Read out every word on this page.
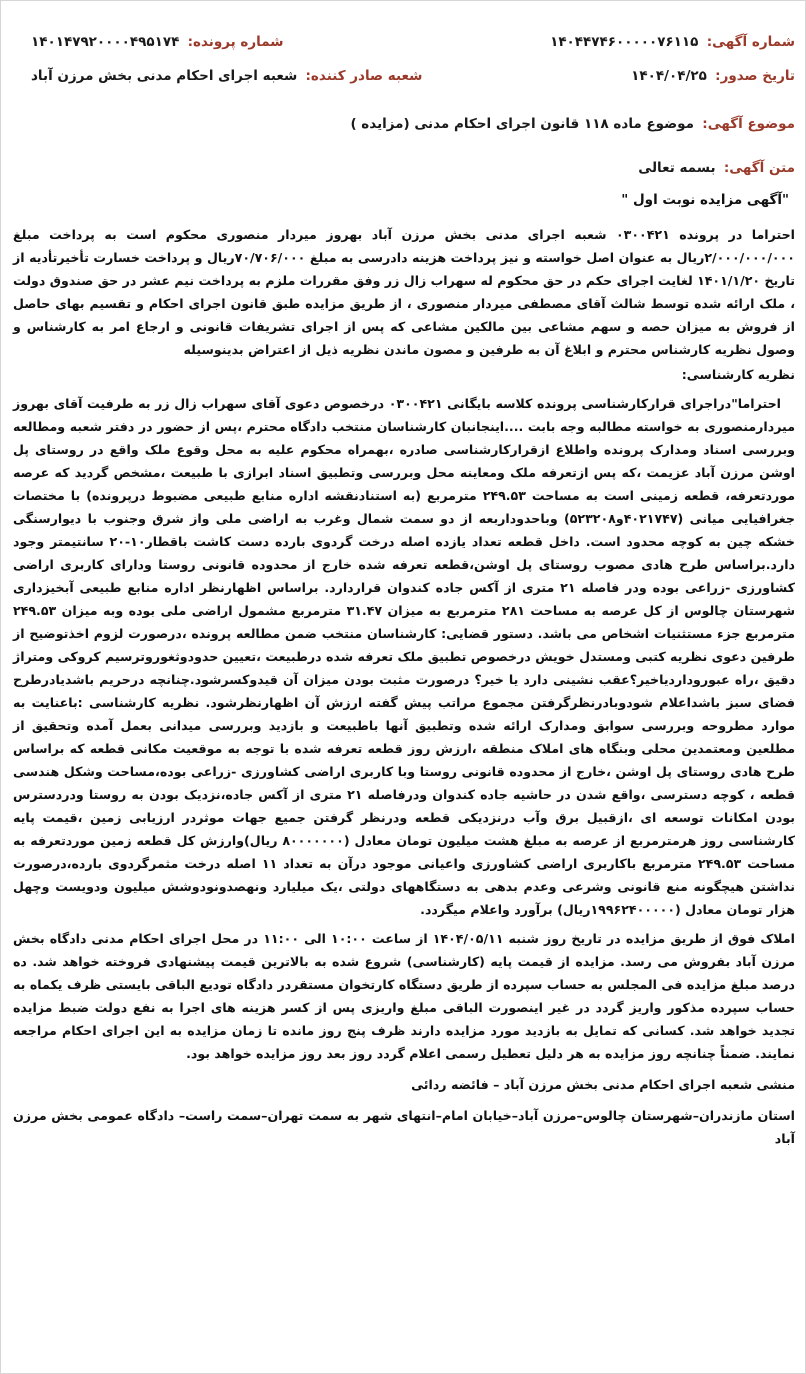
شماره آگهی: ۱۴۰۴۴۷۴۶۰۰۰۰۰۷۶۱۱۵
شماره پرونده: ۱۴۰۱۴۷۹۲۰۰۰۰۴۹۵۱۷۴
تاریخ صدور: ۱۴۰۴/۰۴/۲۵
شعبه صادر کننده: شعبه اجرای احکام مدنی بخش مرزن آباد
موضوع آگهی: موضوع ماده ۱۱۸ قانون اجرای احکام مدنی (مزایده )
متن آگهی: بسمه تعالی
"آگهی مزایده نوبت اول "

احتراما در پرونده ۰۳۰۰۴۲۱ شعبه اجرای مدنی بخش مرزن آباد بهروز میردار منصوری محکوم است به پرداخت مبلغ ۲/۰۰۰/۰۰۰/۰۰۰ریال به عنوان اصل خواسته و نیز پرداخت هزینه دادرسی به مبلغ ۷۰/۷۰۶/۰۰۰ریال و پرداخت خسارت تأخیرتأدیه از تاریخ ۱۴۰۱/۱/۲۰ لغایت اجرای حکم در حق محکوم له سهراب زال زر وفق مقررات ملزم به پرداخت نیم عشر در حق صندوق دولت ، ملک ارائه شده توسط شالث آقای مصطفی میردار منصوری ، از طریق مزایده طبق قانون اجرای احکام و تقسیم بهای حاصل از فروش به میزان حصه و سهم مشاعی بین مالکین مشاعی که پس از اجرای تشریفات قانونی و ارجاع امر به کارشناس و وصول نظریه کارشناس محترم و ابلاغ آن به طرفین و مصون ماندن نظریه ذیل از اعتراض بدینوسیله

نظریه کارشناسی:

احتراما"دراجرای قرارکارشناسی پرونده کلاسه بایگانی ۰۳۰۰۴۲۱ درخصوص دعوی آقای سهراب زال زر به طرفیت آقای بهروز میردارمنصوری به خواسته مطالبه وجه بابت ....اینجانبان کارشناسان منتخب دادگاه محترم ،پس از حضور در دفتر شعبه ومطالعه وبررسی اسناد ومدارک پرونده واطلاع ازقرارکارشناسی صادره ،بهمراه محکوم علیه به محل وقوع ملک واقع در روستای پل اوشن مرزن آباد عزیمت ،که پس ازتعرفه ملک ومعاینه محل وبررسی وتطبیق اسناد ابرازی با طبیعت ،مشخص گردید که عرصه موردتعرفه، قطعه زمینی است به مساحت ۲۴۹.۵۳ مترمربع (به استنادنقشه اداره منابع طبیعی مضبوط درپرونده) با مختصات جغرافیایی میانی (۴۰۲۱۷۴۷و۵۲۳۲۰۸) وباحدوداربعه از دو سمت شمال وغرب به اراضی ملی واز شرق وجنوب با دیوارسنگی خشکه چین به کوچه محدود است. داخل قطعه تعداد یازده اصله درخت گردوی بارده دست کاشت باقطار۱۰-۲۰ سانتیمتر وجود دارد.براساس طرح هادی مصوب روستای پل اوشن،قطعه تعرفه شده خارج از محدوده قانونی روستا ودارای کاربری اراضی کشاورزی -زراعی بوده ودر فاصله ۲۱ متری از آکس جاده کندوان قراردارد. براساس اظهارنظر اداره منابع طبیعی آبخیزداری شهرستان چالوس از کل عرصه به مساحت ۲۸۱ مترمربع به میزان ۳۱.۴۷ مترمربع مشمول اراضی ملی بوده وبه میزان ۲۴۹.۵۳ مترمربع جزء مستثنیات اشخاص می باشد. دستور قضایی: کارشناسان منتخب ضمن مطالعه پرونده ،درصورت لزوم اخذتوضیح از طرفین دعوی نظریه کتبی ومستدل خویش درخصوص تطبیق ملک تعرفه شده درطبیعت ،تعیین حدودوثغوروترسیم کروکی ومتراژ دقیق ،راه عبوروداردیاخیر؟عقب نشینی دارد یا خیر؟ درصورت مثبت بودن میزان آن قیدوکسرشود.چنانچه درحریم باشدیادرطرح فضای سبز باشداعلام شودوبادرنظرگرفتن مجموع مراتب پیش گفته ارزش آن اظهارنظرشود. نظریه کارشناسی :باعنایت به موارد مطروحه وبررسی سوابق ومدارک ارائه شده وتطبیق آنها باطبیعت و بازدید وبررسی میدانی بعمل آمده وتحقیق از مطلعین ومعتمدین محلی وبنگاه های املاک منطقه ،ارزش روز قطعه تعرفه شده با توجه به موقعیت مکانی قطعه که براساس طرح هادی روستای پل اوشن ،خارج از محدوده قانونی روستا وبا کاربری اراضی کشاورزی -زراعی بوده،مساحت وشکل هندسی قطعه ، کوچه دسترسی ،واقع شدن در حاشیه جاده کندوان ودرفاصله ۲۱ متری از آکس جاده،نزدیک بودن به روستا ودردسترس بودن امکانات توسعه ای ،ازقبیل برق وآب درنزدیکی قطعه ودرنظر گرفتن جمیع جهات موثردر ارزیابی زمین ،قیمت پایه کارشناسی روز هرمترمربع از عرصه به مبلغ هشت میلیون تومان معادل (۸۰۰۰۰۰۰۰ ریال)وارزش کل قطعه زمین موردتعرفه به مساحت ۲۴۹.۵۳ مترمربع باکاربری اراضی کشاورزی واعیانی موجود درآن به تعداد ۱۱ اصله درخت مثمرگردوی بارده،درصورت نداشتن هیچگونه منع قانونی وشرعی وعدم بدهی به دستگاههای دولتی ،یک میلیارد ونهصدونودوشش میلیون ودویست وچهل هزار تومان معادل (۱۹۹۶۲۴۰۰۰۰۰ریال) برآورد واعلام میگردد.

املاک فوق از طریق مزایده در تاریخ روز شنبه ۱۴۰۴/۰۵/۱۱ از ساعت ۱۰:۰۰ الی ۱۱:۰۰ در محل اجرای احکام مدنی دادگاه بخش مرزن آباد بفروش می رسد. مزایده از قیمت پایه (کارشناسی) شروع شده به بالاترین قیمت پیشنهادی فروخته خواهد شد. ده درصد مبلغ مزایده فی المجلس به حساب سپرده از طریق دستگاه کارتخوان مستقردر دادگاه تودیع الباقی بایستی ظرف یکماه به حساب سپرده مذکور واریز گردد در غیر اینصورت الباقی مبلغ واریزی پس از کسر هزینه های اجرا به نفع دولت ضبط مزایده تجدید خواهد شد. کسانی که تمایل به بازدید مورد مزایده دارند ظرف پنج روز مانده تا زمان مزایده به این اجرای احکام مراجعه نمایند. ضمناً چنانچه روز مزایده به هر دلیل تعطیل رسمی اعلام گردد روز بعد روز مزایده خواهد بود.

منشی شعبه اجرای احکام مدنی بخش مرزن آباد – فائضه ردائی
استان مازندران–شهرستان چالوس–مرزن آباد–خیابان امام–انتهای شهر به سمت تهران–سمت راست– دادگاه عمومی بخش مرزن آباد
